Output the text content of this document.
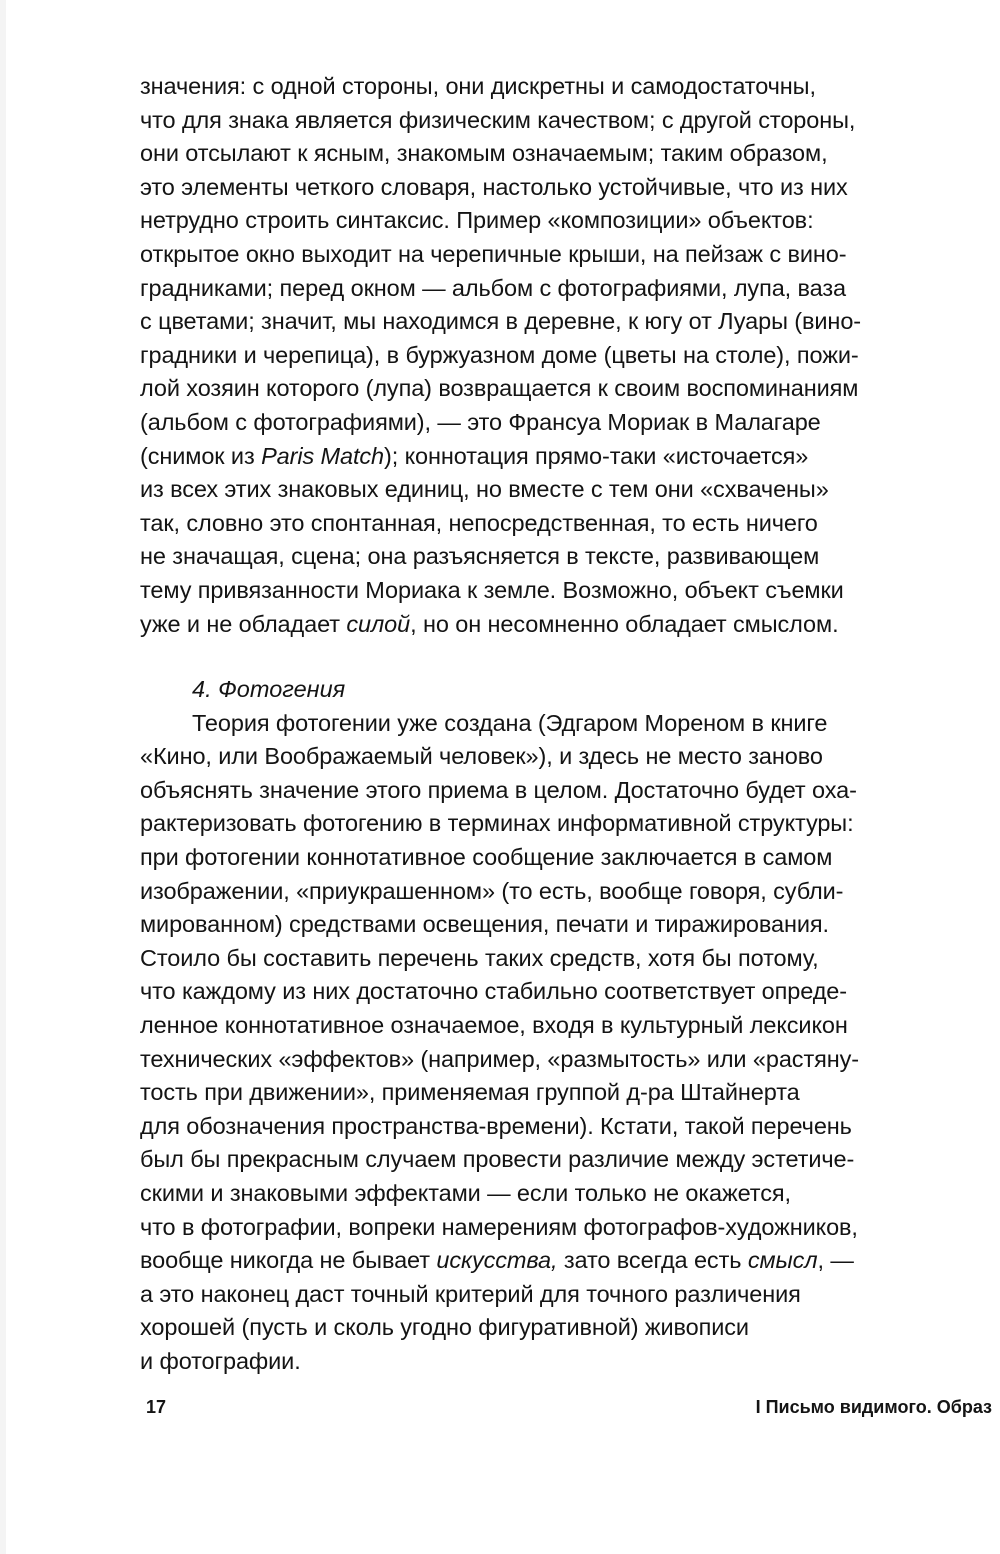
значения: с одной стороны, они дискретны и самодостаточны,
что для знака является физическим качеством; с другой стороны,
они отсылают к ясным, знакомым означаемым; таким образом,
это элементы четкого словаря, настолько устойчивые, что из них
нетрудно строить синтаксис. Пример «композиции» объектов:
открытое окно выходит на черепичные крыши, на пейзаж с вино-
градниками; перед окном — альбом с фотографиями, лупа, ваза
с цветами; значит, мы находимся в деревне, к югу от Луары (вино-
градники и черепица), в буржуазном доме (цветы на столе), пожи-
лой хозяин которого (лупа) возвращается к своим воспоминаниям
(альбом с фотографиями), — это Франсуа Мориак в Малагаре
(снимок из Paris Match); коннотация прямо-таки «источается»
из всех этих знаковых единиц, но вместе с тем они «схвачены»
так, словно это спонтанная, непосредственная, то есть ничего
не значащая, сцена; она разъясняется в тексте, развивающем
тему привязанности Мориака к земле. Возможно, объект съемки
уже и не обладает силой, но он несомненно обладает смыслом.
4. Фотогения
Теория фотогении уже создана (Эдгаром Мореном в книге
«Кино, или Воображаемый человек»), и здесь не место заново
объяснять значение этого приема в целом. Достаточно будет оха-
рактеризовать фотогению в терминах информативной структуры:
при фотогении коннотативное сообщение заключается в самом
изображении, «приукрашенном» (то есть, вообще говоря, субли-
мированном) средствами освещения, печати и тиражирования.
Стоило бы составить перечень таких средств, хотя бы потому,
что каждому из них достаточно стабильно соответствует опреде-
ленное коннотативное означаемое, входя в культурный лексикон
технических «эффектов» (например, «размытость» или «растяну-
тость при движении», применяемая группой д-ра Штайнерта
для обозначения пространства-времени). Кстати, такой перечень
был бы прекрасным случаем провести различие между эстетиче-
скими и знаковыми эффектами — если только не окажется,
что в фотографии, вопреки намерениям фотографов-художников,
вообще никогда не бывает искусства, зато всегда есть смысл, —
а это наконец даст точный критерий для точного различения
хорошей (пусть и сколь угодно фигуративной) живописи
и фотографии.
17	I Письмо видимого. Образ
